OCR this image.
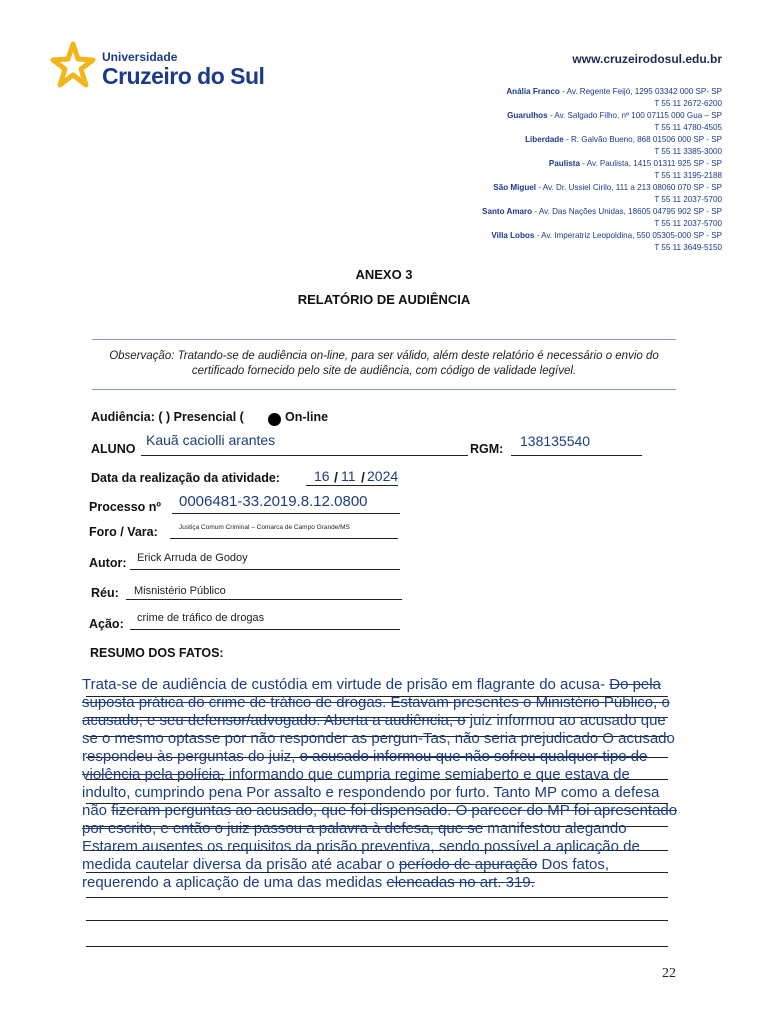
Universidade
Cruzeiro do Sul
www.cruzeirodosul.edu.br
Anália Franco - Av. Regente Feijó, 1295 03342 000 SP- SP
T 55 11 2672-6200
Guarulhos - Av. Salgado Filho, nº 100 07115 000 Gua – SP
T 55 11 4780-4505
Liberdade - R. Galvão Bueno, 868 01506 000 SP - SP
T 55 11 3385-3000
Paulista - Av. Paulista, 1415 01311 925 SP - SP
T 55 11 3195-2188
São Miguel - Av. Dr. Ussiel Cirilo, 111 a 213 08060 070 SP - SP
T 55 11 2037-5700
Santo Amaro - Av. Das Nações Unidas, 18605 04795 902 SP - SP
T 55 11 2037-5700
Villa Lobos - Av. Imperatriz Leopoldina, 550 05305-000 SP - SP
T 55 11 3649-5150
ANEXO 3
RELATÓRIO DE AUDIÊNCIA
Observação: Tratando-se de audiência on-line, para ser válido, além deste relatório é necessário o envio do certificado fornecido pelo site de audiência, com código de validade legível.
Audiência: ( ) Presencial (	On-line
ALUNO
Kauã caciolli arantes
RGM: 138135540
Data da realização da atividade: 16 / 11 / 2024
Processo nº 0006481-33.2019.8.12.0800
Foro / Vara:	Justiça Comum Criminal – Comarca de Campo Grande/MS
Autor: Erick Arruda de Godoy
Réu: Misnistério Público
Ação: crime de tráfico de drogas
RESUMO DOS FATOS:

Trata-se de audiência de custódia em virtude de prisão em flagrante do acusa- Do pela suposta prática do crime de tráfico de drogas. Estavam presentes o Ministério Público, o acusado, e seu defensor/advogado. Aberta a audiência, o juiz informou ao acusado que se o mesmo optasse por não responder as pergun-Tas, não seria prejudicado O acusado respondeu às perguntas do juiz, o acusado informou que não sofreu qualquer tipo de violência pela polícia, informando que cumpria regime semiaberto e que estava de indulto, cumprindo pena Por assalto e respondendo por furto. Tanto MP como a defesa não fizeram perguntas ao acusado, que foi dispensado. O parecer do MP foi apresentado por escrito, e então o juiz passou a palavra à defesa, que se manifestou alegando Estarem ausentes os requisitos da prisão preventiva, sendo possível a aplicação de medida cautelar diversa da prisão até acabar o período de apuração Dos fatos, requerendo a aplicação de uma das medidas elencadas no art. 319.

22
